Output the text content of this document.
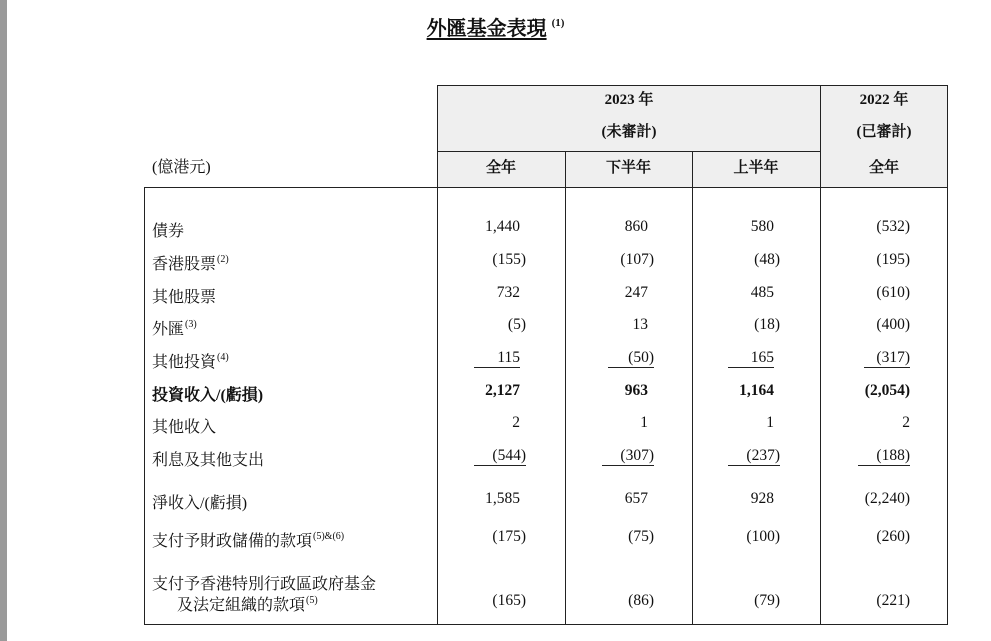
外匯基金表現 $^{(1)}$
2023 年
(未審計)
2022 年
(已審計)
全年	下半年	上半年	全年
(億港元)
債券	1,440	860	580	(532)
香港股票$^{(2)}$	(155)	(107)	(48)	(195)
其他股票	732	247	485	(610)
外匯$^{(3)}$	(5)	13	(18)	(400)
其他投資$^{(4)}$	115	(50)	165	(317)
投資收入/(虧損)	2,127	963	1,164	(2,054)
其他收入	2	1	1	2
利息及其他支出	(544)	(307)	(237)	(188)
淨收入/(虧損)	1,585	657	928	(2,240)
支付予財政儲備的款項$^{(5)\&(6)}$	(175)	(75)	(100)	(260)
支付予香港特別行政區政府基金
及法定組織的款項$^{(5)}$	(165)	(86)	(79)	(221)
